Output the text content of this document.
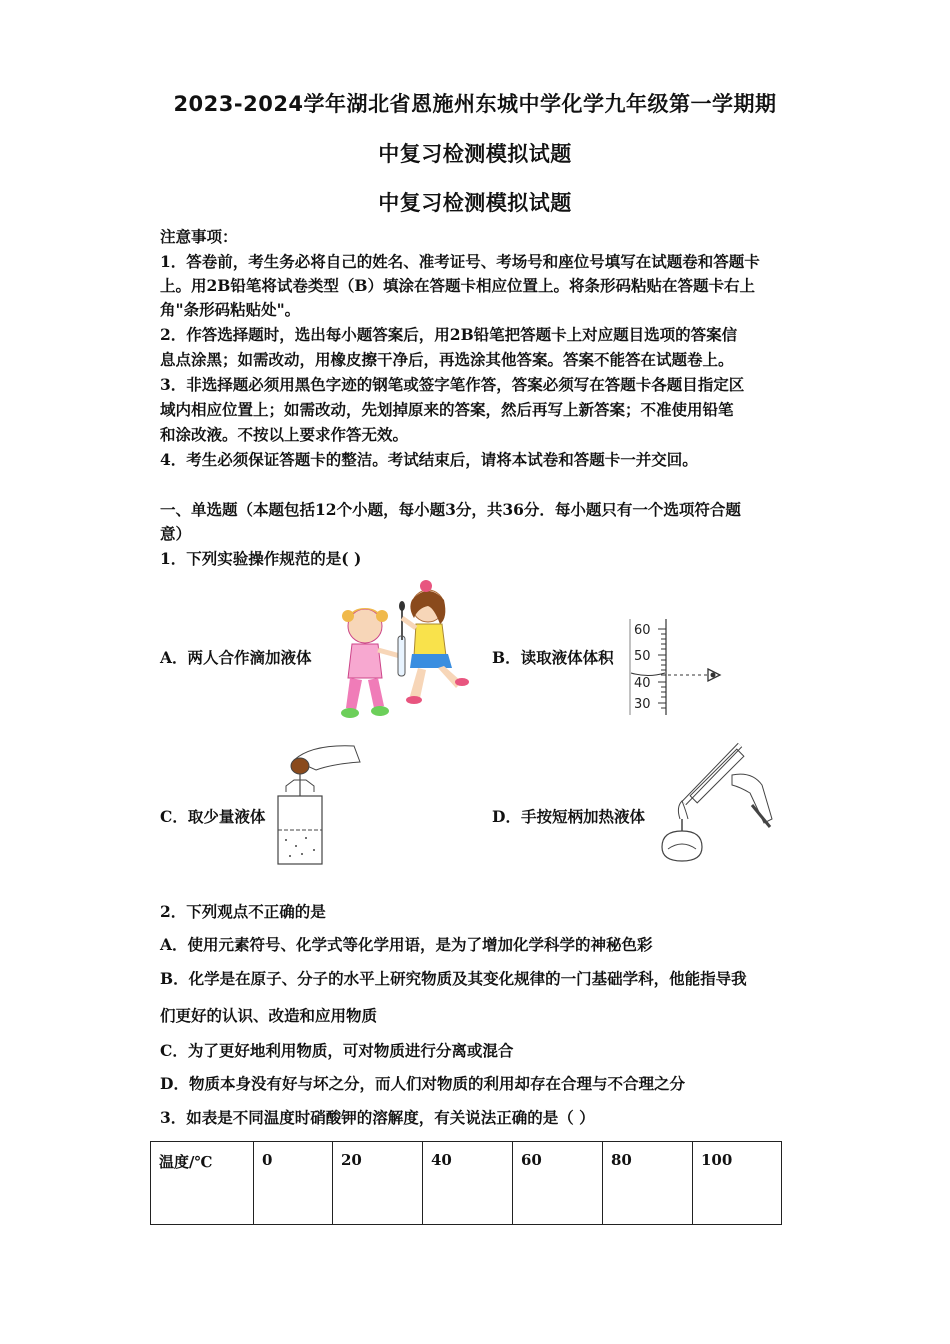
2023-2024学年湖北省恩施州东城中学化学九年级第一学期期
中复习检测模拟试题
中复习检测模拟试题
注意事项：
1．答卷前，考生务必将自己的姓名、准考证号、考场号和座位号填写在试题卷和答题卡
上。用2B铅笔将试卷类型（B）填涂在答题卡相应位置上。将条形码粘贴在答题卡右上
角"条形码粘贴处"。
2．作答选择题时，选出每小题答案后，用2B铅笔把答题卡上对应题目选项的答案信
息点涂黑；如需改动，用橡皮擦干净后，再选涂其他答案。答案不能答在试题卷上。
3．非选择题必须用黑色字迹的钢笔或签字笔作答，答案必须写在答题卡各题目指定区
域内相应位置上；如需改动，先划掉原来的答案，然后再写上新答案；不准使用铅笔
和涂改液。不按以上要求作答无效。
4．考生必须保证答题卡的整洁。考试结束后，请将本试卷和答题卡一并交回。
一、单选题（本题包括12个小题，每小题3分，共36分．每小题只有一个选项符合题
意）
1．下列实验操作规范的是( )
A．两人合作滴加液体	B．读取液体体积
C．取少量液体	D．手按短柄加热液体
60
50
40
30
2．下列观点不正确的是
A．使用元素符号、化学式等化学用语，是为了增加化学科学的神秘色彩
B．化学是在原子、分子的水平上研究物质及其变化规律的一门基础学科，他能指导我
们更好的认识、改造和应用物质
C．为了更好地利用物质，可对物质进行分离或混合
D．物质本身没有好与坏之分，而人们对物质的利用却存在合理与不合理之分
3．如表是不同温度时硝酸钾的溶解度，有关说法正确的是（ ）
温度/℃	0	20	40	60	80	100
